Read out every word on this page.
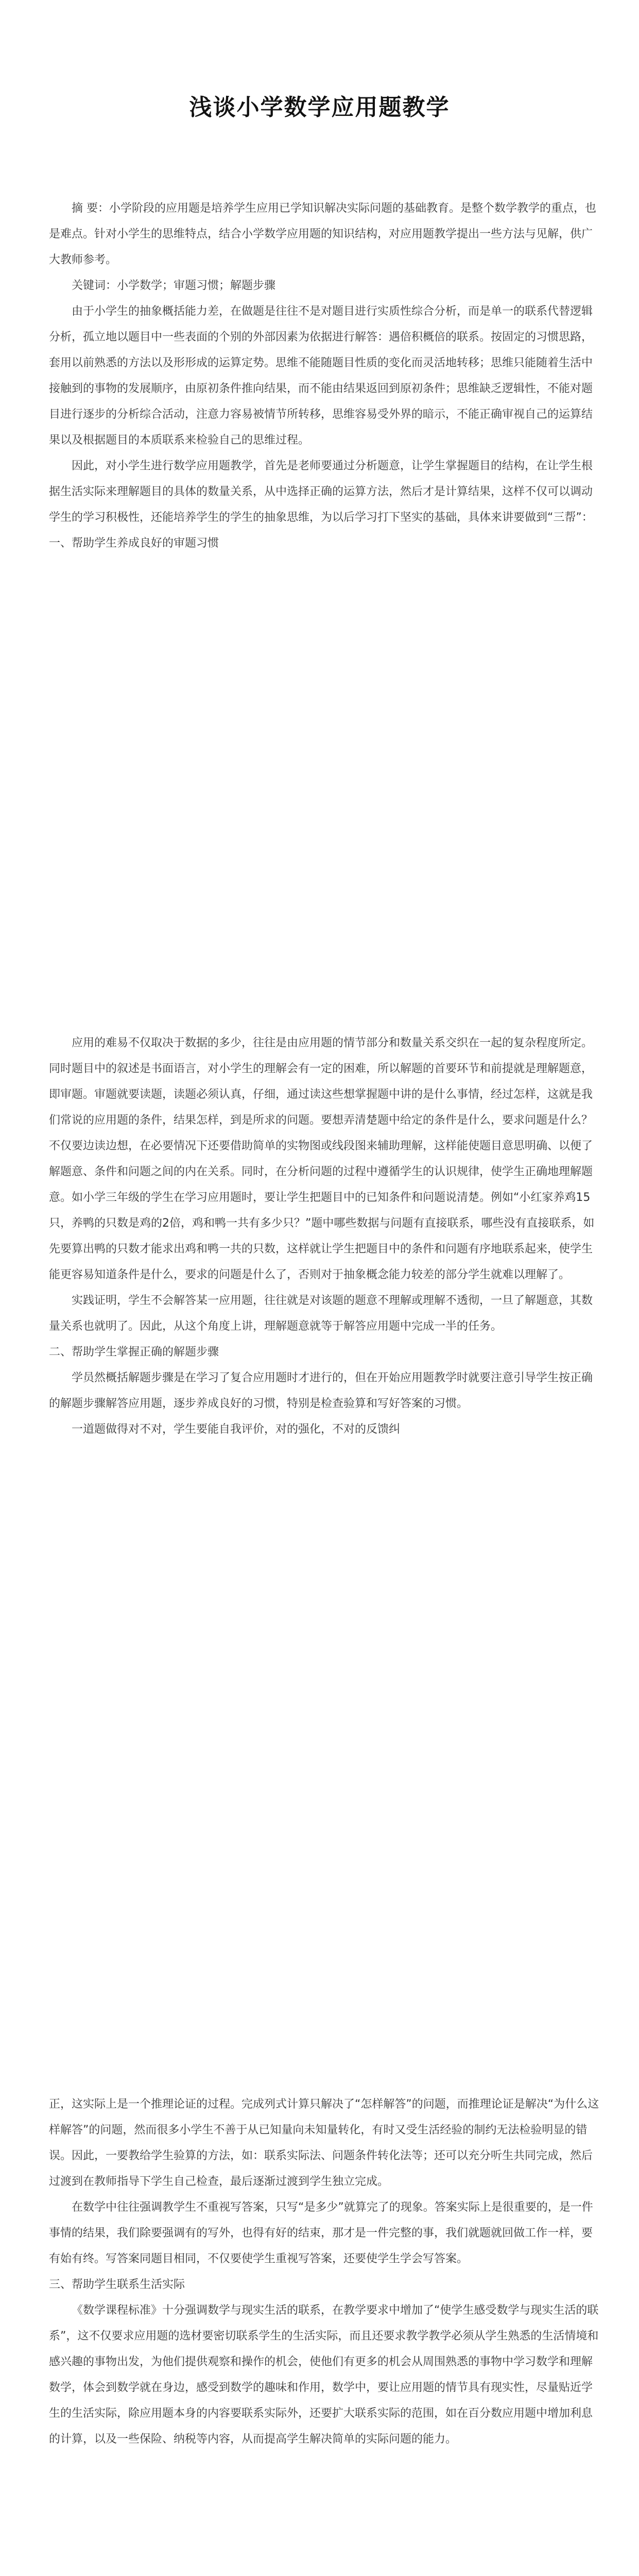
浅谈小学数学应用题教学

摘 要：小学阶段的应用题是培养学生应用已学知识解决实际问题的基础教育。是整个数学教学的重点，也是难点。针对小学生的思维特点，结合小学数学应用题的知识结构，对应用题教学提出一些方法与见解，供广大教师参考。

关键词：小学数学；审题习惯；解题步骤

由于小学生的抽象概括能力差，在做题是往往不是对题目进行实质性综合分析，而是单一的联系代替逻辑分析，孤立地以题目中一些表面的个别的外部因素为依据进行解答：遇倍积概倍的联系。按固定的习惯思路，套用以前熟悉的方法以及形形成的运算定势。思维不能随题目性质的变化而灵活地转移；思维只能随着生活中接触到的事物的发展顺序，由原初条件推向结果，而不能由结果返回到原初条件；思维缺乏逻辑性，不能对题目进行逐步的分析综合活动，注意力容易被情节所转移，思维容易受外界的暗示，不能正确审视自己的运算结果以及根据题目的本质联系来检验自己的思维过程。

因此，对小学生进行数学应用题教学，首先是老师要通过分析题意，让学生掌握题目的结构，在让学生根据生活实际来理解题目的具体的数量关系，从中选择正确的运算方法，然后才是计算结果，这样不仅可以调动学生的学习积极性，还能培养学生的学生的抽象思维，为以后学习打下坚实的基础，具体来讲要做到“三帮”：

一、帮助学生养成良好的审题习惯

应用的难易不仅取决于数据的多少，往往是由应用题的情节部分和数量关系交织在一起的复杂程度所定。同时题目中的叙述是书面语言，对小学生的理解会有一定的困难，所以解题的首要环节和前提就是理解题意，即审题。审题就要读题，读题必须认真，仔细，通过读这些想掌握题中讲的是什么事情，经过怎样，这就是我们常说的应用题的条件，结果怎样，到是所求的问题。要想弄清楚题中给定的条件是什么，要求问题是什么？不仅要边读边想，在必要情况下还要借助简单的实物图或线段图来辅助理解，这样能使题目意思明确、以便了解题意、条件和问题之间的内在关系。同时，在分析问题的过程中遵循学生的认识规律，使学生正确地理解题意。如小学三年级的学生在学习应用题时，要让学生把题目中的已知条件和问题说清楚。例如“小红家养鸡15只，养鸭的只数是鸡的2倍，鸡和鸭一共有多少只？”题中哪些数据与问题有直接联系，哪些没有直接联系，如先要算出鸭的只数才能求出鸡和鸭一共的只数，这样就让学生把题目中的条件和问题有序地联系起来，使学生能更容易知道条件是什么，要求的问题是什么了，否则对于抽象概念能力较差的部分学生就难以理解了。

实践证明，学生不会解答某一应用题，往往就是对该题的题意不理解或理解不透彻，一旦了解题意，其数量关系也就明了。因此，从这个角度上讲，理解题意就等于解答应用题中完成一半的任务。

二、帮助学生掌握正确的解题步骤

学员然概括解题步骤是在学习了复合应用题时才进行的，但在开始应用题教学时就要注意引导学生按正确的解题步骤解答应用题，逐步养成良好的习惯，特别是检查验算和写好答案的习惯。

一道题做得对不对，学生要能自我评价，对的强化，不对的反馈纠

正，这实际上是一个推理论证的过程。完成列式计算只解决了“怎样解答”的问题，而推理论证是解决“为什么这样解答”的问题，然而很多小学生不善于从已知量向未知量转化，有时又受生活经验的制约无法检验明显的错误。因此，一要教给学生验算的方法，如：联系实际法、问题条件转化法等；还可以充分听生共同完成，然后过渡到在教师指导下学生自己检查，最后逐渐过渡到学生独立完成。

在数学中往往强调教学生不重视写答案，只写“是多少”就算完了的现象。答案实际上是很重要的，是一件事情的结果，我们除要强调有的写外，也得有好的结束，那才是一件完整的事，我们就题就回做工作一样，要有始有终。写答案同题目相同，不仅要使学生重视写答案，还要使学生学会写答案。

三、帮助学生联系生活实际

《数学课程标准》十分强调数学与现实生活的联系，在教学要求中增加了“使学生感受数学与现实生活的联系”，这不仅要求应用题的选材要密切联系学生的生活实际，而且还要求教学教学必须从学生熟悉的生活情境和感兴趣的事物出发，为他们提供观察和操作的机会，使他们有更多的机会从周围熟悉的事物中学习数学和理解数学，体会到数学就在身边，感受到数学的趣味和作用，数学中，要让应用题的情节具有现实性，尽量贴近学生的生活实际，除应用题本身的内容要联系实际外，还要扩大联系实际的范围，如在百分数应用题中增加利息的计算，以及一些保险、纳税等内容，从而提高学生解决简单的实际问题的能力。
